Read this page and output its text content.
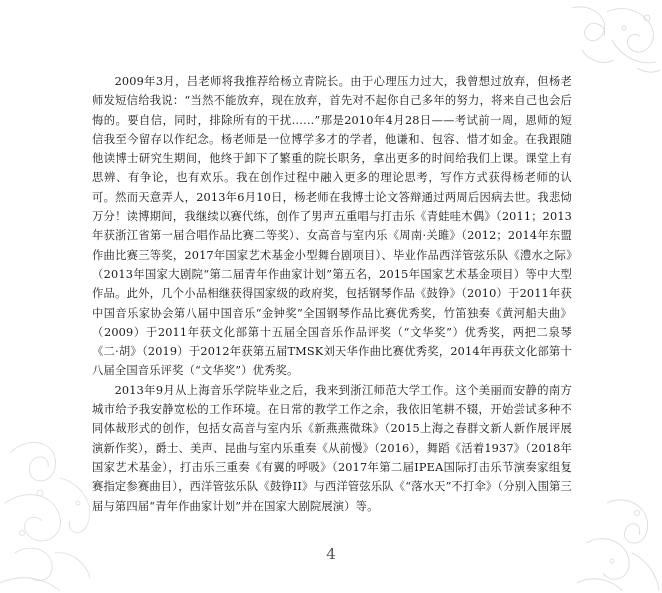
2009年3月，吕老师将我推荐给杨立青院长。由于心理压力过大，我曾想过放弃，但杨老师发短信给我说：“当然不能放弃，现在放弃，首先对不起你自己多年的努力，将来自己也会后悔的。要自信，同时，排除所有的干扰……”那是2010年4月28日——考试前一周，恩师的短信我至今留存以作纪念。杨老师是一位博学多才的学者，他谦和、包容、惜才如金。在我跟随他读博士研究生期间，他终于卸下了繁重的院长职务，拿出更多的时间给我们上课。课堂上有思辨、有争论，也有欢乐。我在创作过程中融入更多的理论思考，写作方式获得杨老师的认可。然而天意弄人，2013年6月10日，杨老师在我博士论文答辩通过两周后因病去世。我悲恸万分！读博期间，我继续以赛代练，创作了男声五重唱与打击乐《青蛙哇木偶》（2011；2013年获浙江省第一届合唱作品比赛二等奖）、女高音与室内乐《周南·关雎》（2012；2014年东盟作曲比赛三等奖，2017年国家艺术基金小型舞台剧项目）、毕业作品西洋管弦乐队《澧水之际》（2013年国家大剧院“第二届青年作曲家计划”第五名，2015年国家艺术基金项目）等中大型作品。此外，几个小品相继获得国家级的政府奖，包括钢琴作品《鼓铮》（2010）于2011年获中国音乐家协会第八届中国音乐“金钟奖”全国钢琴作品比赛优秀奖，竹笛独奏《黄河船夫曲》（2009）于2011年获文化部第十五届全国音乐作品评奖（“文华奖”）优秀奖，两把二泉琴《二·胡》（2019）于2012年获第五届TMSK刘天华作曲比赛优秀奖，2014年再获文化部第十八届全国音乐评奖（“文华奖”）优秀奖。

2013年9月从上海音乐学院毕业之后，我来到浙江师范大学工作。这个美丽而安静的南方城市给予我安静宽松的工作环境。在日常的教学工作之余，我依旧笔耕不辍，开始尝试多种不同体裁形式的创作，包括女高音与室内乐《新燕燕微珠》（2015上海之春群文新人新作展评展演新作奖），爵士、美声、昆曲与室内乐重奏《从前慢》（2016），舞蹈《活着1937》（2018年国家艺术基金），打击乐三重奏《有翼的呼吸》（2017年第二届IPEA国际打击乐节演奏家组复赛指定参赛曲目），西洋管弦乐队《鼓铮II》与西洋管弦乐队《“落水天”不打伞》（分别入围第三届与第四届“青年作曲家计划”并在国家大剧院展演）等。

4
